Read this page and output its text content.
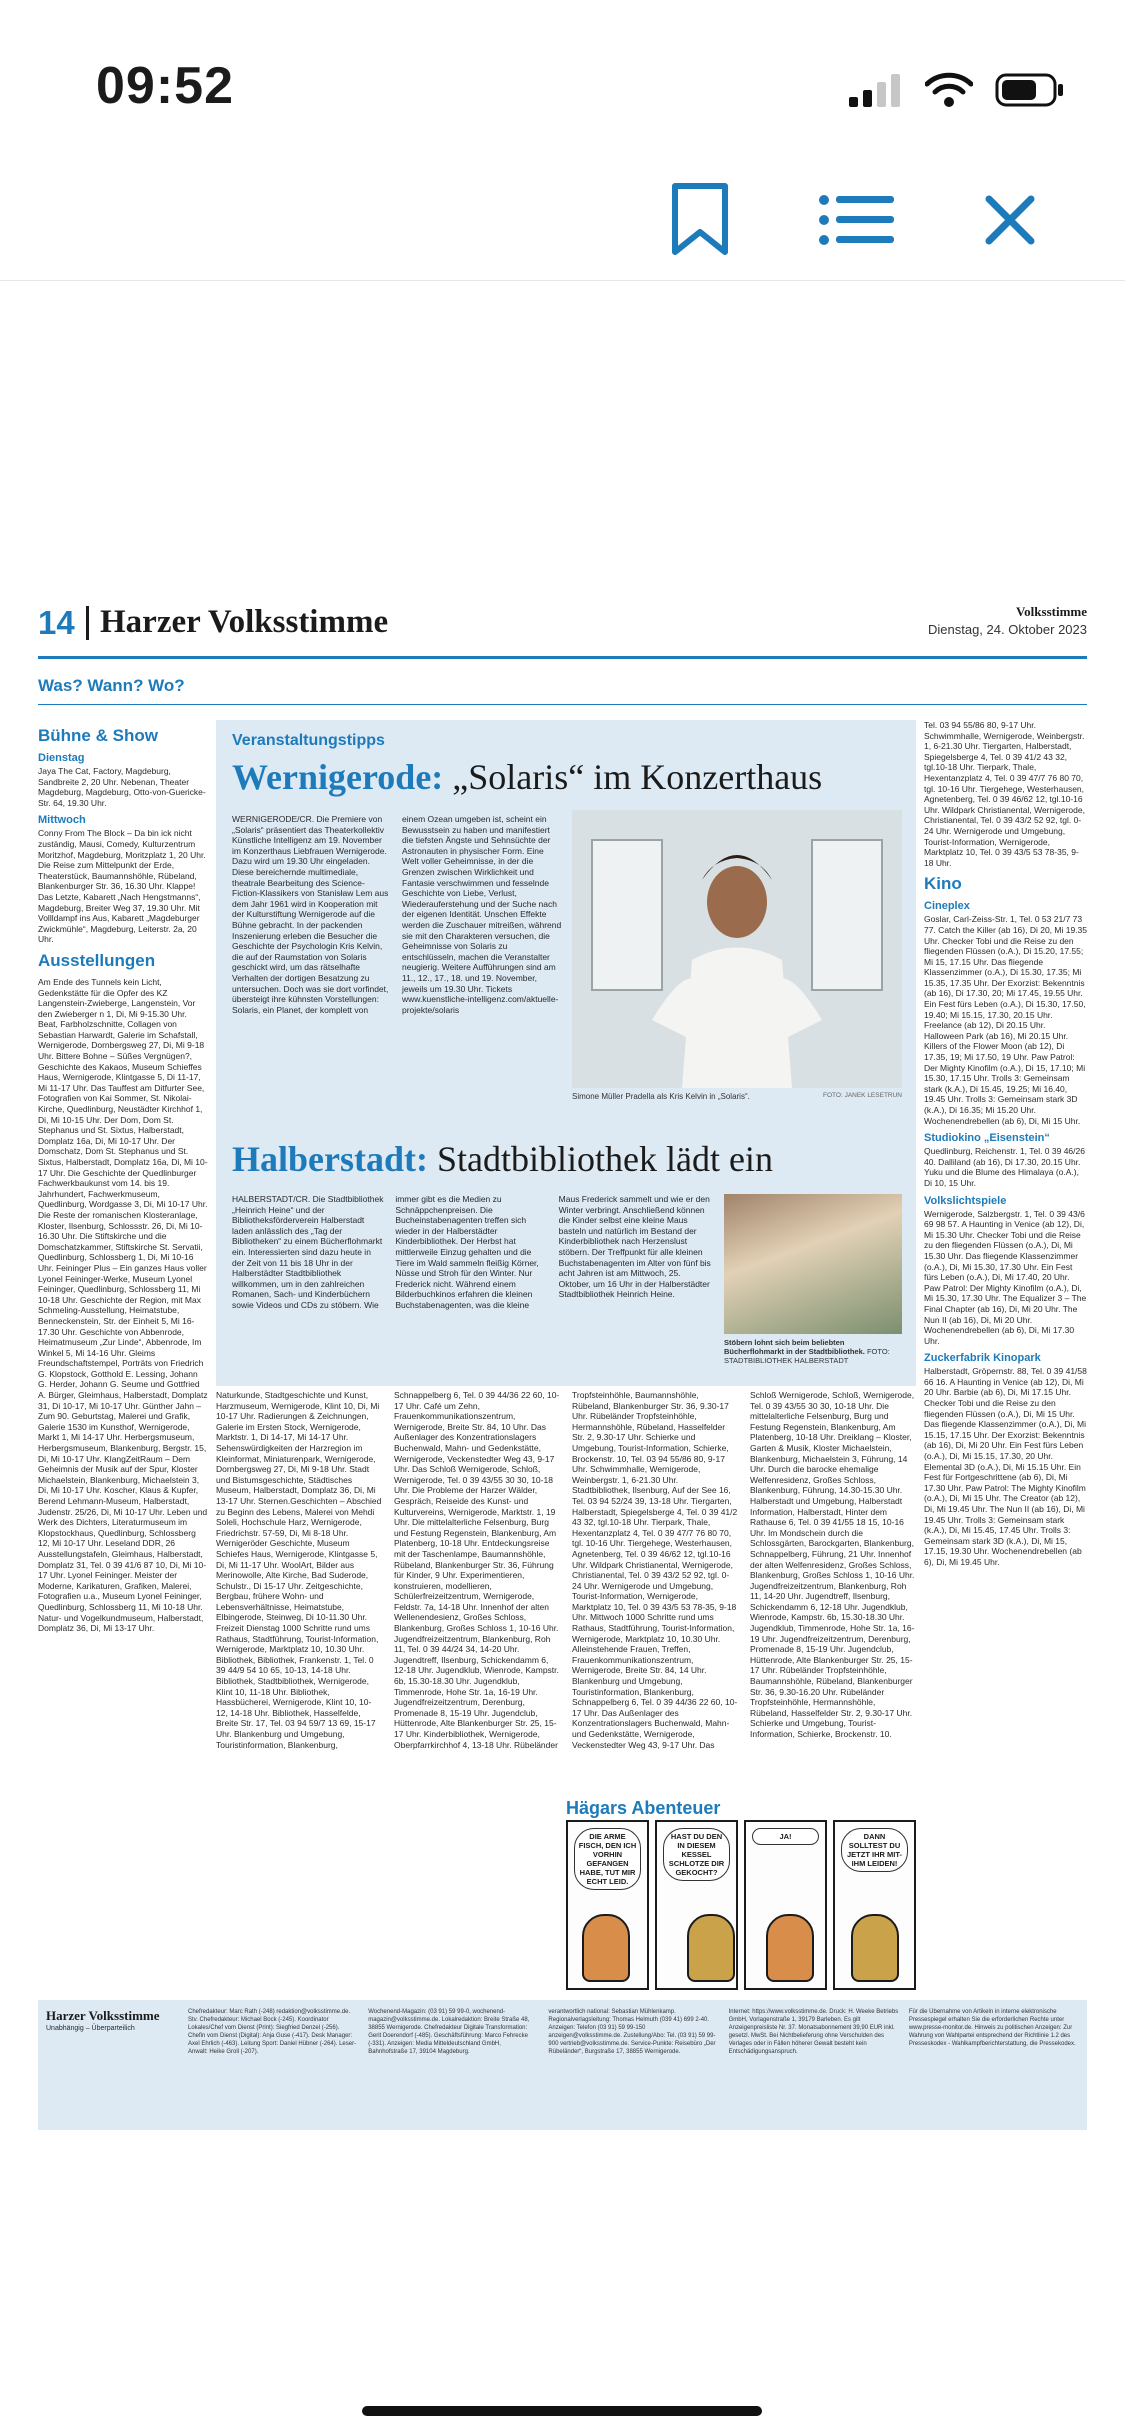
09:52
14 Harzer Volksstimme	Volksstimme
Dienstag, 24. Oktober 2023
Was? Wann? Wo?
Bühne & Show
Dienstag
Jaya The Cat, Factory, Magdeburg, Sandbreite 2, 20 Uhr. Nebenan, Theater Magdeburg, Magdeburg, Otto-von-Guericke-Str. 64, 19.30 Uhr.
Mittwoch
Conny From The Block – Da bin ick nicht zuständig, Mausi, Comedy, Kulturzentrum Moritzhof, Magdeburg, Moritzplatz 1, 20 Uhr. Die Reise zum Mittelpunkt der Erde, Theaterstück, Baumannshöhle, Rübeland, Blankenburger Str. 36, 16.30 Uhr. Klappe! Das Letzte, Kabarett „Nach Hengstmanns“, Magdeburg, Breiter Weg 37, 19.30 Uhr. Mit Vollldampf ins Aus, Kabarett „Magdeburger Zwickmühle“, Magdeburg, Leiterstr. 2a, 20 Uhr.
Ausstellungen
Am Ende des Tunnels kein Licht, Gedenkstätte für die Opfer des KZ Langenstein-Zwieberge, Langenstein, Vor den Zwieberger n 1, Di, Mi 9-15.30 Uhr. Beat, Farbholzschnitte, Collagen von Sebastian Harwardt, Galerie im Schafstall, Wernigerode, Dornbergsweg 27, Di, Mi 9-18 Uhr. Bittere Bohne – Süßes Vergnügen?, Geschichte des Kakaos, Museum Schieffes Haus, Wernigerode, Klintgasse 5, Di 11-17, Mi 11-17 Uhr. Das Tauffest am Ditfurter See, Fotografien von Kai Sommer, St. Nikolai-Kirche, Quedlinburg, Neustädter Kirchhof 1, Di, Mi 10-15 Uhr. Der Dom, Dom St. Stephanus und St. Sixtus, Halberstadt, Domplatz 16a, Di, Mi 10-17 Uhr. Der Domschatz, Dom St. Stephanus und St. Sixtus, Halberstadt, Domplatz 16a, Di, Mi 10-17 Uhr. Die Geschichte der Quedlinburger Fachwerkbaukunst vom 14. bis 19. Jahrhundert, Fachwerkmuseum, Quedlinburg, Wordgasse 3, Di, Mi 10-17 Uhr. Die Reste der romanischen Klosteranlage, Kloster, Ilsenburg, Schlossstr. 26, Di, Mi 10-16.30 Uhr. Die Stiftskirche und die Domschatzkammer, Stiftskirche St. Servatii, Quedlinburg, Schlossberg 1, Di, Mi 10-16 Uhr. Feininger Plus – Ein ganzes Haus voller Lyonel Feininger-Werke, Museum Lyonel Feininger, Quedlinburg, Schlossberg 11, Mi 10-18 Uhr. Geschichte der Region, mit Max Schmeling-Ausstellung, Heimatstube, Benneckenstein, Str. der Einheit 5, Mi 16-17.30 Uhr. Geschichte von Abbenrode, Heimatmuseum „Zur Linde“, Abbenrode, Im Winkel 5, Mi 14-16 Uhr. Gleims Freundschaftstempel, Porträts von Friedrich G. Klopstock, Gotthold E. Lessing, Johann G. Herder, Johann G. Seume und Gottfried A. Bürger, Gleimhaus, Halberstadt, Domplatz 31, Di 10-17, Mi 10-17 Uhr. Günther Jahn – Zum 90. Geburtstag, Malerei und Grafik, Galerie 1530 im Kunsthof, Wernigerode, Markt 1, Mi 14-17 Uhr. Herbergsmuseum, Herbergsmuseum, Blankenburg, Bergstr. 15, Di, Mi 10-17 Uhr. KlangZeitRaum – Dem Geheimnis der Musik auf der Spur, Kloster Michaelstein, Blankenburg, Michaelstein 3, Di, Mi 10-17 Uhr. Koscher, Klaus & Kupfer, Berend Lehmann-Museum, Halberstadt, Judenstr. 25/26, Di, Mi 10-17 Uhr. Leben und Werk des Dichters, Literaturmuseum im Klopstockhaus, Quedlinburg, Schlossberg 12, Mi 10-17 Uhr. Leseland DDR, 26 Ausstellungstafeln, Gleimhaus, Halberstadt, Domplatz 31, Tel. 0 39 41/6 87 10, Di, Mi 10-17 Uhr. Lyonel Feininger. Meister der Moderne, Karikaturen, Grafiken, Malerei, Fotografien u.a., Museum Lyonel Feininger, Quedlinburg, Schlossberg 11, Mi 10-18 Uhr. Natur- und Vogelkundmuseum, Halberstadt, Domplatz 36, Di, Mi 13-17 Uhr.
Veranstaltungstipps
Wernigerode: „Solaris“ im Konzerthaus
WERNIGERODE/CR. Die Premiere von „Solaris“ präsentiert das Theaterkollektiv Künstliche Intelligenz am 19. November im Konzerthaus Liebfrauen Wernigerode. Dazu wird um 19.30 Uhr eingeladen. Diese bereichernde multimediale, theatrale Bearbeitung des Science-Fiction-Klassikers von Stanisław Lem aus dem Jahr 1961 wird in Kooperation mit der Kulturstiftung Wernigerode auf die Bühne gebracht. In der packenden Inszenierung erleben die Besucher die Geschichte der Psychologin Kris Kelvin, die auf der Raumstation von Solaris geschickt wird, um das rätselhafte Verhalten der dortigen Besatzung zu untersuchen. Doch was sie dort vorfindet, übersteigt ihre kühnsten Vorstellungen: Solaris, ein Planet, der komplett von einem Ozean umgeben ist, scheint ein Bewusstsein zu haben und manifestiert die tiefsten Ängste und Sehnsüchte der Astronauten in physischer Form. Eine Welt voller Geheimnisse, in der die Grenzen zwischen Wirklichkeit und Fantasie verschwimmen und fesselnde Geschichte von Liebe, Verlust, Wiederauferstehung und der Suche nach der eigenen Identität. Unschen Effekte werden die Zuschauer mitreißen, während sie mit den Charakteren versuchen, die Geheimnisse von Solaris zu entschlüsseln, machen die Veranstalter neugierig. Weitere Aufführungen sind am 11., 12., 17., 18. und 19. November, jeweils um 19.30 Uhr. Tickets www.kuenstliche-intelligenz.com/aktuelle-projekte/solaris
Simone Müller Pradella als Kris Kelvin in „Solaris“.	FOTO: JANEK LESETRUN
Halberstadt: Stadtbibliothek lädt ein
HALBERSTADT/CR. Die Stadtbibliothek „Heinrich Heine“ und der Bibliotheksförderverein Halberstadt laden anlässlich des „Tag der Bibliotheken“ zu einem Bücherflohmarkt ein. Interessierten sind dazu heute in der Zeit von 11 bis 18 Uhr in der Halberstädter Stadtbibliothek willkommen, um in den zahlreichen Romanen, Sach- und Kinderbüchern sowie Videos und CDs zu stöbern. Wie immer gibt es die Medien zu Schnäppchenpreisen. Die Bucheinstabenagenten treffen sich wieder in der Halberstädter Kinderbibliothek. Der Herbst hat mittlerweile Einzug gehalten und die Tiere im Wald sammeln fleißig Körner, Nüsse und Stroh für den Winter. Nur Frederick nicht. Während einem Bilderbuchkinos erfahren die kleinen Buchstabenagenten, was die kleine Maus Frederick sammelt und wie er den Winter verbringt. Anschließend können die Kinder selbst eine kleine Maus basteln und natürlich im Bestand der Kinderbibliothek nach Herzenslust stöbern. Der Treffpunkt für alle kleinen Buchstabenagenten im Alter von fünf bis acht Jahren ist am Mittwoch, 25. Oktober, um 16 Uhr in der Halberstädter Stadtbibliothek Heinrich Heine.
Stöbern lohnt sich beim beliebten Bücherflohmarkt in der Stadtbibliothek. FOTO: STADTBIBLIOTHEK HALBERSTADT
Naturkunde, Stadtgeschichte und Kunst, Harzmuseum, Wernigerode, Klint 10, Di, Mi 10-17 Uhr. Radierungen & Zeichnungen, Galerie im Ersten Stock, Wernigerode, Marktstr. 1, Di 14-17, Mi 14-17 Uhr. Sehenswürdigkeiten der Harzregion im Kleinformat, Miniaturenpark, Wernigerode, Dornbergsweg 27, Di, Mi 9-18 Uhr. Stadt und Bistumsgeschichte, Städtisches Museum, Halberstadt, Domplatz 36, Di, Mi 13-17 Uhr. Sternen.Geschichten – Abschied zu Beginn des Lebens, Malerei von Mehdi Soleli, Hochschule Harz, Wernigerode, Friedrichstr. 57-59, Di, Mi 8-18 Uhr. Wernigeröder Geschichte, Museum Schiefes Haus, Wernigerode, Klintgasse 5, Di, Mi 11-17 Uhr. WoolArt, Bilder aus Merinowolle, Alte Kirche, Bad Suderode, Schulstr., Di 15-17 Uhr. Zeitgeschichte, Bergbau, frühere Wohn- und Lebensverhältnisse, Heimatstube, Elbingerode, Steinweg, Di 10-11.30 Uhr. Freizeit Dienstag 1000 Schritte rund ums Rathaus, Stadtführung, Tourist-Information, Wernigerode, Marktplatz 10, 10.30 Uhr. Bibliothek, Bibliothek, Frankenstr. 1, Tel. 0 39 44/9 54 10 65, 10-13, 14-18 Uhr. Bibliothek, Stadtbibliothek, Wernigerode, Klint 10, 11-18 Uhr. Bibliothek, Hassbücherei, Wernigerode, Klint 10, 10-12, 14-18 Uhr. Bibliothek, Hasselfelde, Breite Str. 17, Tel. 03 94 59/7 13 69, 15-17 Uhr. Blankenburg und Umgebung, Touristinformation, Blankenburg, Schnappelberg 6, Tel. 0 39 44/36 22 60, 10-17 Uhr. Café um Zehn, Frauenkommunikationszentrum, Wernigerode, Breite Str. 84, 10 Uhr. Das Außenlager des Konzentrationslagers Buchenwald, Mahn- und Gedenkstätte, Wernigerode, Veckenstedter Weg 43, 9-17 Uhr. Das Schloß Wernigerode, Schloß, Wernigerode, Tel. 0 39 43/55 30 30, 10-18 Uhr. Die Probleme der Harzer Wälder, Gespräch, Reiseide des Kunst- und Kulturvereins, Wernigerode, Marktstr. 1, 19 Uhr. Die mittelalterliche Felsenburg, Burg und Festung Regenstein, Blankenburg, Am Platenberg, 10-18 Uhr. Entdeckungsreise mit der Taschenlampe, Baumannshöhle, Rübeland, Blankenburger Str. 36, Führung für Kinder, 9 Uhr. Experimentieren, konstruieren, modellieren, Schülerfreizeitzentrum, Wernigerode, Feldstr. 7a, 14-18 Uhr. Innenhof der alten Wellenendesienz, Großes Schloss, Blankenburg, Großes Schloss 1, 10-16 Uhr. Jugendfreizeitzentrum, Blankenburg, Roh 11, Tel. 0 39 44/24 34, 14-20 Uhr. Jugendtreff, Ilsenburg, Schickendamm 6, 12-18 Uhr. Jugendklub, Wienrode, Kampstr. 6b, 15.30-18.30 Uhr. Jugendklub, Timmenrode, Hohe Str. 1a, 16-19 Uhr. Jugendfreizeitzentrum, Derenburg, Promenade 8, 15-19 Uhr. Jugendclub, Hüttenrode, Alte Blankenburger Str. 25, 15-17 Uhr. Kinderbibliothek, Wernigerode, Oberpfarrkirchhof 4, 13-18 Uhr. Rübeländer Tropfsteinhöhle, Baumannshöhle, Rübeland, Blankenburger Str. 36, 9.30-17 Uhr. Rübeländer Tropfsteinhöhle, Hermannshöhle, Rübeland, Hasselfelder Str. 2, 9.30-17 Uhr. Schierke und Umgebung, Tourist-Information, Schierke, Brockenstr. 10, Tel. 03 94 55/86 80, 9-17 Uhr. Schwimmhalle, Wernigerode, Weinbergstr. 1, 6-21.30 Uhr. Stadtbibliothek, Ilsenburg, Auf der See 16, Tel. 03 94 52/24 39, 13-18 Uhr. Tiergarten, Halberstadt, Spiegelsberge 4, Tel. 0 39 41/2 43 32, tgl.10-18 Uhr. Tierpark, Thale, Hexentanzplatz 4, Tel. 0 39 47/7 76 80 70, tgl. 10-16 Uhr. Tiergehege, Westerhausen, Agnetenberg, Tel. 0 39 46/62 12, tgl.10-16 Uhr. Wildpark Christianental, Wernigerode, Christianental, Tel. 0 39 43/2 52 92, tgl. 0-24 Uhr. Wernigerode und Umgebung, Tourist-Information, Wernigerode, Marktplatz 10, Tel. 0 39 43/5 53 78-35, 9-18 Uhr. Mittwoch 1000 Schritte rund ums Rathaus, Stadtführung, Tourist-Information, Wernigerode, Marktplatz 10, 10.30 Uhr. Alleinstehende Frauen, Treffen, Frauenkommunikationszentrum, Wernigerode, Breite Str. 84, 14 Uhr. Blankenburg und Umgebung, Touristinformation, Blankenburg, Schnappelberg 6, Tel. 0 39 44/36 22 60, 10-17 Uhr. Das Außenlager des Konzentrationslagers Buchenwald, Mahn- und Gedenkstätte, Wernigerode, Veckenstedter Weg 43, 9-17 Uhr. Das Schloß Wernigerode, Schloß, Wernigerode, Tel. 0 39 43/55 30 30, 10-18 Uhr. Die mittelalterliche Felsenburg, Burg und Festung Regenstein, Blankenburg, Am Platenberg, 10-18 Uhr. Dreiklang – Kloster, Garten & Musik, Kloster Michaelstein, Blankenburg, Michaelstein 3, Führung, 14 Uhr. Durch die barocke ehemalige Welfenresidenz, Großes Schloss, Blankenburg, Führung, 14.30-15.30 Uhr. Halberstadt und Umgebung, Halberstadt Information, Halberstadt, Hinter dem Rathause 6, Tel. 0 39 41/55 18 15, 10-16 Uhr. Im Mondschein durch die Schlossgärten, Barockgarten, Blankenburg, Schnappelberg, Führung, 21 Uhr. Innenhof der alten Welfenresidenz, Großes Schloss, Blankenburg, Großes Schloss 1, 10-16 Uhr. Jugendfreizeitzentrum, Blankenburg, Roh 11, 14-20 Uhr. Jugendtreff, Ilsenburg, Schickendamm 6, 12-18 Uhr. Jugendklub, Wienrode, Kampstr. 6b, 15.30-18.30 Uhr. Jugendklub, Timmenrode, Hohe Str. 1a, 16-19 Uhr. Jugendfreizeitzentrum, Derenburg, Promenade 8, 15-19 Uhr. Jugendclub, Hüttenrode, Alte Blankenburger Str. 25, 15-17 Uhr. Rübeländer Tropfsteinhöhle, Baumannshöhle, Rübeland, Blankenburger Str. 36, 9.30-16.20 Uhr. Rübeländer Tropfsteinhöhle, Hermannshöhle, Rübeland, Hasselfelder Str. 2, 9.30-17 Uhr. Schierke und Umgebung, Tourist-Information, Schierke, Brockenstr. 10.
Tel. 03 94 55/86 80, 9-17 Uhr. Schwimmhalle, Wernigerode, Weinbergstr. 1, 6-21.30 Uhr. Tiergarten, Halberstadt, Spiegelsberge 4, Tel. 0 39 41/2 43 32, tgl.10-18 Uhr. Tierpark, Thale, Hexentanzplatz 4, Tel. 0 39 47/7 76 80 70, tgl. 10-16 Uhr. Tiergehege, Westerhausen, Agnetenberg, Tel. 0 39 46/62 12, tgl.10-16 Uhr. Wildpark Christianental, Wernigerode, Christianental, Tel. 0 39 43/2 52 92, tgl. 0-24 Uhr. Wernigerode und Umgebung, Tourist-Information, Wernigerode, Marktplatz 10, Tel. 0 39 43/5 53 78-35, 9-18 Uhr.
Kino
Cineplex
Goslar, Carl-Zeiss-Str. 1, Tel. 0 53 21/7 73 77. Catch the Killer (ab 16), Di 20, Mi 19.35 Uhr. Checker Tobi und die Reise zu den fliegenden Flüssen (o.A.), Di 15.20, 17.55; Mi 15, 17.15 Uhr. Das fliegende Klassenzimmer (o.A.), Di 15.30, 17.35; Mi 15.35, 17.35 Uhr. Der Exorzist: Bekenntnis (ab 16), Di 17.30, 20; Mi 17.45, 19.55 Uhr. Ein Fest fürs Leben (o.A.), Di 15.30, 17.50, 19.40; Mi 15.15, 17.30, 20.15 Uhr. Freelance (ab 12), Di 20.15 Uhr. Halloween Park (ab 16), Mi 20.15 Uhr. Killers of the Flower Moon (ab 12), Di 17.35, 19; Mi 17.50, 19 Uhr. Paw Patrol: Der Mighty Kinofilm (o.A.), Di 15, 17.10; Mi 15.30, 17.15 Uhr. Trolls 3: Gemeinsam stark (k.A.), Di 15.45, 19.25; Mi 16.40, 19.45 Uhr. Trolls 3: Gemeinsam stark 3D (k.A.), Di 16.35; Mi 15.20 Uhr. Wochenendrebellen (ab 6), Di, Mi 15 Uhr.
Studiokino „Eisenstein“
Quedlinburg, Reichenstr. 1, Tel. 0 39 46/26 40. Dalliland (ab 16), Di 17.30, 20.15 Uhr. Yuku und die Blume des Himalaya (o.A.), Di 10, 15 Uhr.
Volkslichtspiele
Wernigerode, Salzbergstr. 1, Tel. 0 39 43/6 69 98 57. A Haunting in Venice (ab 12), Di, Mi 15.30 Uhr. Checker Tobi und die Reise zu den fliegenden Flüssen (o.A.), Di, Mi 15.30 Uhr. Das fliegende Klassenzimmer (o.A.), Di, Mi 15.30, 17.30 Uhr. Ein Fest fürs Leben (o.A.), Di, Mi 17.40, 20 Uhr. Paw Patrol: Der Mighty Kinofilm (o.A.), Di, Mi 15.30, 17.30 Uhr. The Equalizer 3 – The Final Chapter (ab 16), Di, Mi 20 Uhr. The Nun II (ab 16), Di, Mi 20 Uhr. Wochenendrebellen (ab 6), Di, Mi 17.30 Uhr.
Zuckerfabrik Kinopark
Halberstadt, Gröpernstr. 88, Tel. 0 39 41/58 66 16. A Haunting in Venice (ab 12), Di, Mi 20 Uhr. Barbie (ab 6), Di, Mi 17.15 Uhr. Checker Tobi und die Reise zu den fliegenden Flüssen (o.A.), Di, Mi 15 Uhr. Das fliegende Klassenzimmer (o.A.), Di, Mi 15.15, 17.15 Uhr. Der Exorzist: Bekenntnis (ab 16), Di, Mi 20 Uhr. Ein Fest fürs Leben (o.A.), Di, Mi 15.15, 17.30, 20 Uhr. Elemental 3D (o.A.), Di, Mi 15.15 Uhr. Ein Fest für Fortgeschrittene (ab 6), Di, Mi 17.30 Uhr. Paw Patrol: The Mighty Kinofilm (o.A.), Di, Mi 15 Uhr. The Creator (ab 12), Di, Mi 19.45 Uhr. The Nun II (ab 16), Di, Mi 19.45 Uhr. Trolls 3: Gemeinsam stark (k.A.), Di, Mi 15.45, 17.45 Uhr. Trolls 3: Gemeinsam stark 3D (k.A.), Di, Mi 15, 17.15, 19.30 Uhr. Wochenendrebellen (ab 6), Di, Mi 19.45 Uhr.
Hägars Abenteuer
DIE ARME FISCH, DEN ICH VORHIN GEFANGEN HABE, TUT MIR ECHT LEID.
HAST DU DEN IN DIESEM KESSEL SCHLOTZE DIR GEKOCHT?
JA!	DANN SOLLTEST DU JETZT IHR MIT-IHM LEIDEN!
Harzer Volksstimme
Unabhängig – Überparteilich
Chefredakteur: Marc Rath (-248) redaktion@volksstimme.de. Stv. Chefredakteur: Michael Bock (-245). Koordinator Lokales/Chef vom Dienst (Print): Siegfried Denzel (-256). Chefin vom Dienst (Digital): Anja Guse (-417). Desk Manager: Axel Ehrlich (-463). Leitung Sport: Daniel Hübner (-264). Leser-Anwalt: Heike Groll (-207).
Wochenend-Magazin: (03 91) 59 99-0, wochenend-magazin@volksstimme.de. Lokalredaktion: Breite Straße 48, 38855 Wernigerode. Chefredakteur Digitale Transformation: Gerit Doerendorf (-485). Geschäftsführung: Marco Fehrecke (-331). Anzeigen: Media Mitteldeutschland GmbH, Bahnhofstraße 17, 39104 Magdeburg.
verantwortlich national: Sebastian Mühlenkamp. Regionalverlagsleitung: Thomas Helmuth (039 41) 699 2-40. Anzeigen: Telefon (03 91) 59 99-150 anzeigen@volksstimme.de. Zustellung/Abo: Tel. (03 91) 59 99-900 vertrieb@volksstimme.de. Service-Punkte: Reisebüro „Der Rübeländer“, Burgstraße 17, 38855 Wernigerode.
Internet: https://www.volksstimme.de. Druck: H. Weeke Betriebs GmbH, Vorlagenstraße 1, 39179 Barleben. Es gilt Anzeigenpreisliste Nr. 37. Monatsabonnement 39,90 EUR inkl. gesetzl. MwSt. Bei Nichtbelieferung ohne Verschulden des Verlages oder in Fällen höherer Gewalt besteht kein Entschädigungsanspruch.
Für die Übernahme von Artikeln in interne elektronische Pressespiegel erhalten Sie die erforderlichen Rechte unter www.presse-monitor.de. Hinweis zu politischen Anzeigen: Zur Wahrung von Wahlpartei entsprechend der Richtlinie 1.2 des Presseskodex - Wahlkampfberichterstattung, die Pressekodex.
